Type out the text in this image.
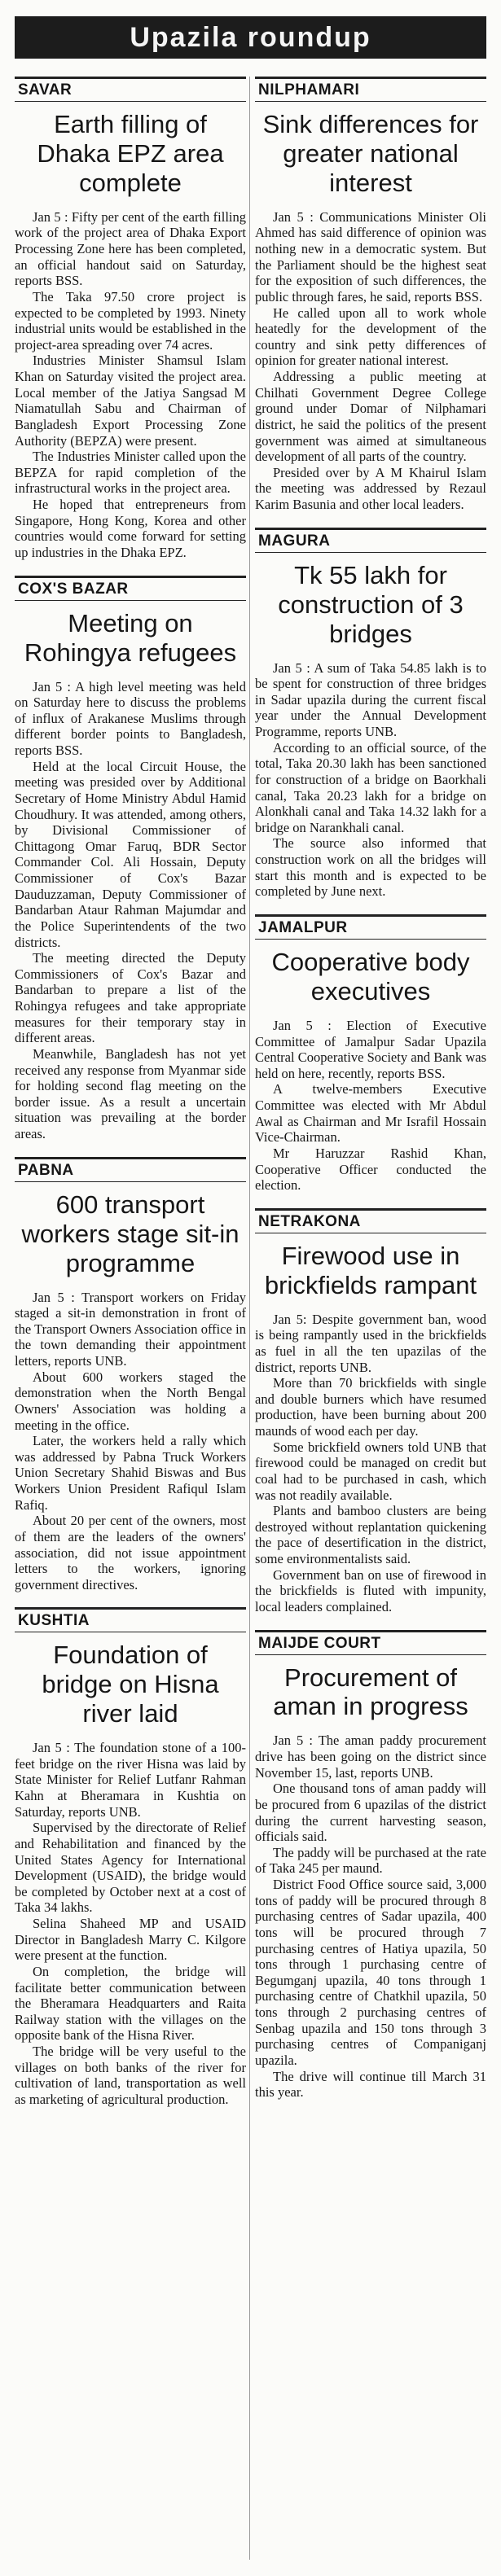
Upazila roundup
SAVAR
Earth filling of Dhaka EPZ area complete

Jan 5 : Fifty per cent of the earth filling work of the project area of Dhaka Export Processing Zone here has been completed, an official handout said on Saturday, reports BSS.

The Taka 97.50 crore project is expected to be completed by 1993. Ninety industrial units would be established in the project-area spreading over 74 acres.

Industries Minister Shamsul Islam Khan on Saturday visited the project area. Local member of the Jatiya Sangsad M Niamatullah Sabu and Chairman of Bangladesh Export Processing Zone Authority (BEPZA) were present.

The Industries Minister called upon the BEPZA for rapid completion of the infrastructural works in the project area.

He hoped that entrepreneurs from Singapore, Hong Kong, Korea and other countries would come forward for setting up industries in the Dhaka EPZ.

COX'S BAZAR
Meeting on Rohingya refugees

Jan 5 : A high level meeting was held on Saturday here to discuss the problems of influx of Arakanese Muslims through different border points to Bangladesh, reports BSS.

Held at the local Circuit House, the meeting was presided over by Additional Secretary of Home Ministry Abdul Hamid Choudhury. It was attended, among others, by Divisional Commissioner of Chittagong Omar Faruq, BDR Sector Commander Col. Ali Hossain, Deputy Commissioner of Cox's Bazar Dauduzzaman, Deputy Commissioner of Bandarban Ataur Rahman Majumdar and the Police Superintendents of the two districts.

The meeting directed the Deputy Commissioners of Cox's Bazar and Bandarban to prepare a list of the Rohingya refugees and take appropriate measures for their temporary stay in different areas.

Meanwhile, Bangladesh has not yet received any response from Myanmar side for holding second flag meeting on the border issue. As a result a uncertain situation was prevailing at the border areas.

PABNA
600 transport workers stage sit-in programme

Jan 5 : Transport workers on Friday staged a sit-in demonstration in front of the Transport Owners Association office in the town demanding their appointment letters, reports UNB.

About 600 workers staged the demonstration when the North Bengal Owners' Association was holding a meeting in the office.

Later, the workers held a rally which was addressed by Pabna Truck Workers Union Secretary Shahid Biswas and Bus Workers Union President Rafiqul Islam Rafiq.

About 20 per cent of the owners, most of them are the leaders of the owners' association, did not issue appointment letters to the workers, ignoring government directives.

KUSHTIA
Foundation of bridge on Hisna river laid

Jan 5 : The foundation stone of a 100-feet bridge on the river Hisna was laid by State Minister for Relief Lutfanr Rahman Kahn at Bheramara in Kushtia on Saturday, reports UNB.

Supervised by the directorate of Relief and Rehabilitation and financed by the United States Agency for International Development (USAID), the bridge would be completed by October next at a cost of Taka 34 lakhs.

Selina Shaheed MP and USAID Director in Bangladesh Marry C. Kilgore were present at the function.

On completion, the bridge will facilitate better communication between the Bheramara Headquarters and Raita Railway station with the villages on the opposite bank of the Hisna River.

The bridge will be very useful to the villages on both banks of the river for cultivation of land, transportation as well as marketing of agricultural production.

NILPHAMARI
Sink differences for greater national interest

Jan 5 : Communications Minister Oli Ahmed has said difference of opinion was nothing new in a democratic system. But the Parliament should be the highest seat for the exposition of such differences, the public through fares, he said, reports BSS.

He called upon all to work whole heatedly for the development of the country and sink petty differences of opinion for greater national interest.

Addressing a public meeting at Chilhati Government Degree College ground under Domar of Nilphamari district, he said the politics of the present government was aimed at simultaneous development of all parts of the country.

Presided over by A M Khairul Islam the meeting was addressed by Rezaul Karim Basunia and other local leaders.

MAGURA
Tk 55 lakh for construction of 3 bridges

Jan 5 : A sum of Taka 54.85 lakh is to be spent for construction of three bridges in Sadar upazila during the current fiscal year under the Annual Development Programme, reports UNB.

According to an official source, of the total, Taka 20.30 lakh has been sanctioned for construction of a bridge on Baorkhali canal, Taka 20.23 lakh for a bridge on Alonkhali canal and Taka 14.32 lakh for a bridge on Narankhali canal.

The source also informed that construction work on all the bridges will start this month and is expected to be completed by June next.

JAMALPUR
Cooperative body executives

Jan 5 : Election of Executive Committee of Jamalpur Sadar Upazila Central Cooperative Society and Bank was held on here, recently, reports BSS.

A twelve-members Executive Committee was elected with Mr Abdul Awal as Chairman and Mr Israfil Hossain Vice-Chairman.

Mr Haruzzar Rashid Khan, Cooperative Officer conducted the election.

NETRAKONA
Firewood use in brickfields rampant

Jan 5: Despite government ban, wood is being rampantly used in the brickfields as fuel in all the ten upazilas of the district, reports UNB.

More than 70 brickfields with single and double burners which have resumed production, have been burning about 200 maunds of wood each per day.

Some brickfield owners told UNB that firewood could be managed on credit but coal had to be purchased in cash, which was not readily available.

Plants and bamboo clusters are being destroyed without replantation quickening the pace of desertification in the district, some environmentalists said.

Government ban on use of firewood in the brickfields is fluted with impunity, local leaders complained.

MAIJDE COURT
Procurement of aman in progress

Jan 5 : The aman paddy procurement drive has been going on the district since November 15, last, reports UNB.

One thousand tons of aman paddy will be procured from 6 upazilas of the district during the current harvesting season, officials said.

The paddy will be purchased at the rate of Taka 245 per maund.

District Food Office source said, 3,000 tons of paddy will be procured through 8 purchasing centres of Sadar upazila, 400 tons will be procured through 7 purchasing centres of Hatiya upazila, 50 tons through 1 purchasing centre of Begumganj upazila, 40 tons through 1 purchasing centre of Chatkhil upazila, 50 tons through 2 purchasing centres of Senbag upazila and 150 tons through 3 purchasing centres of Companiganj upazila.

The drive will continue till March 31 this year.
